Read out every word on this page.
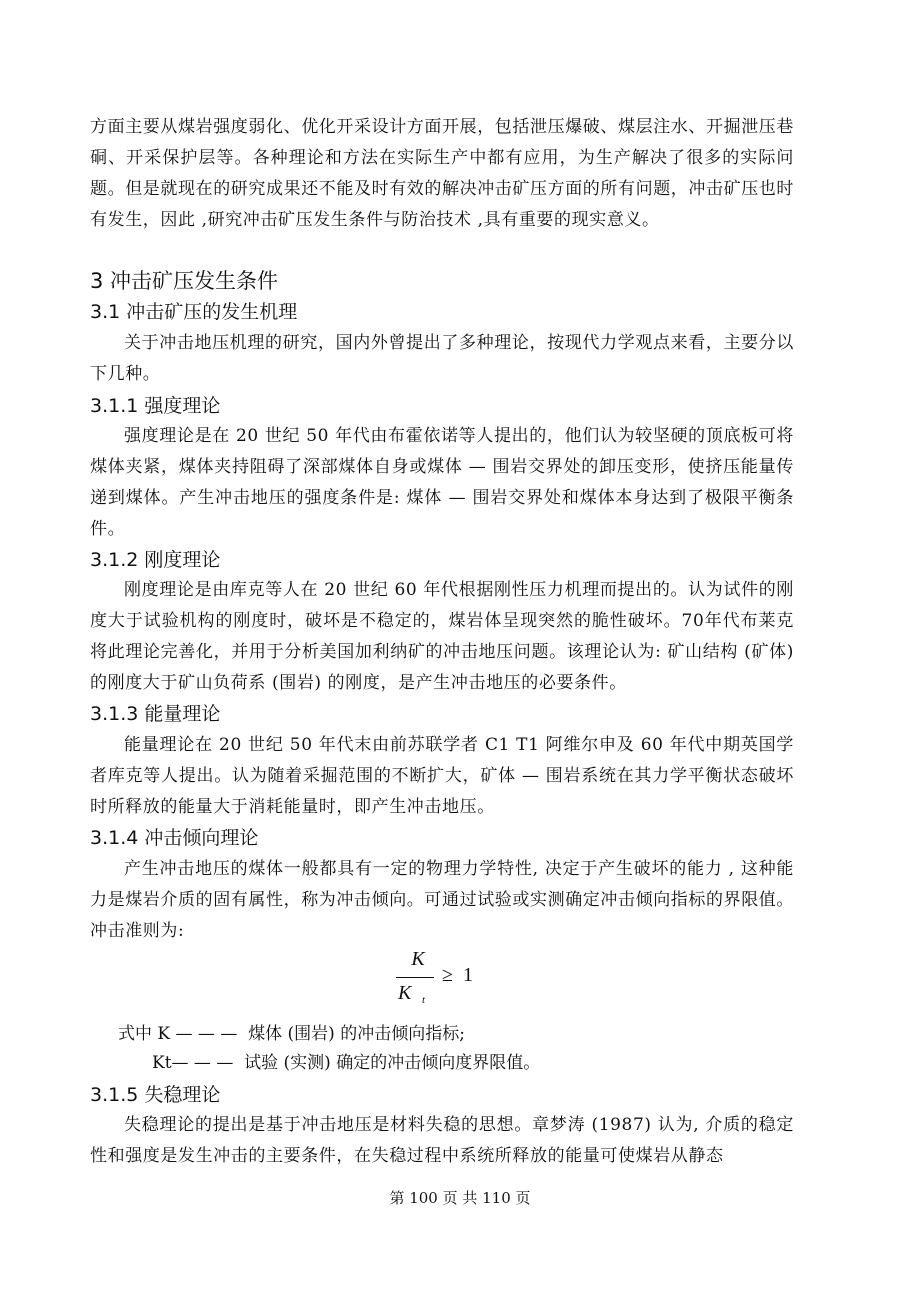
方面主要从煤岩强度弱化、优化开采设计方面开展，包括泄压爆破、煤层注水、开掘泄压巷硐、开采保护层等。各种理论和方法在实际生产中都有应用，为生产解决了很多的实际问题。但是就现在的研究成果还不能及时有效的解决冲击矿压方面的所有问题，冲击矿压也时有发生，因此 ,研究冲击矿压发生条件与防治技术 ,具有重要的现实意义。

3 冲击矿压发生条件
3.1 冲击矿压的发生机理

关于冲击地压机理的研究，国内外曾提出了多种理论，按现代力学观点来看，主要分以下几种。

3.1.1 强度理论

强度理论是在 20 世纪 50 年代由布霍依诺等人提出的，他们认为较坚硬的顶底板可将煤体夹紧，煤体夹持阻碍了深部煤体自身或煤体 — 围岩交界处的卸压变形，使挤压能量传递到煤体。产生冲击地压的强度条件是: 煤体 — 围岩交界处和煤体本身达到了极限平衡条件。

3.1.2 刚度理论

刚度理论是由库克等人在 20 世纪 60 年代根据刚性压力机理而提出的。认为试件的刚度大于试验机构的刚度时，破坏是不稳定的，煤岩体呈现突然的脆性破坏。70年代布莱克将此理论完善化，并用于分析美国加利纳矿的冲击地压问题。该理论认为: 矿山结构 (矿体) 的刚度大于矿山负荷系 (围岩) 的刚度，是产生冲击地压的必要条件。

3.1.3 能量理论

能量理论在 20 世纪 50 年代末由前苏联学者 C1 T1 阿维尔申及 60 年代中期英国学者库克等人提出。认为随着采掘范围的不断扩大，矿体 — 围岩系统在其力学平衡状态破坏时所释放的能量大于消耗能量时，即产生冲击地压。

3.1.4 冲击倾向理论

产生冲击地压的煤体一般都具有一定的物理力学特性, 决定于产生破坏的能力 , 这种能力是煤岩介质的固有属性，称为冲击倾向。可通过试验或实测确定冲击倾向指标的界限值。冲击准则为:

K
K t
≥  1

式中 K — — —  煤体 (围岩) 的冲击倾向指标;

Kt— — —  试验 (实测) 确定的冲击倾向度界限值。

3.1.5 失稳理论

失稳理论的提出是基于冲击地压是材料失稳的思想。章梦涛 (1987) 认为, 介质的稳定性和强度是发生冲击的主要条件，在失稳过程中系统所释放的能量可使煤岩从静态

第 100 页 共 110 页
